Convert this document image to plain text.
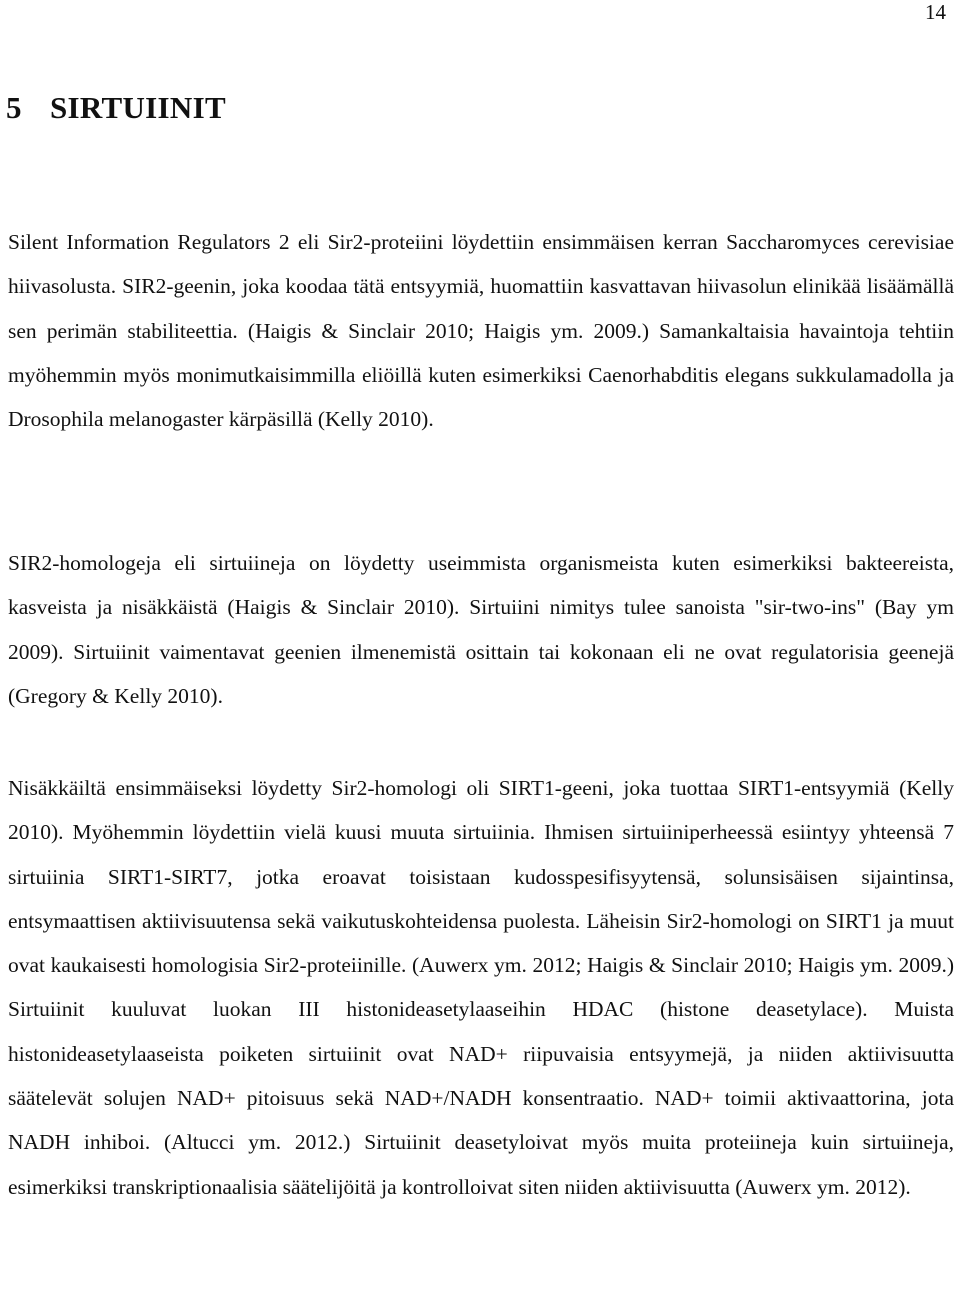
14
5 SIRTUIINIT

Silent Information Regulators 2 eli Sir2-proteiini löydettiin ensimmäisen kerran Saccharomyces cerevisiae hiivasolusta. SIR2-geenin, joka koodaa tätä entsyymiä, huomattiin kasvattavan hiivasolun elinikää lisäämällä sen perimän stabiliteettia. (Haigis & Sinclair 2010; Haigis ym. 2009.) Samankaltaisia havaintoja tehtiin myöhemmin myös monimutkaisimmilla eliöillä kuten esimerkiksi Caenorhabditis elegans sukkulamadolla ja Drosophila melanogaster kärpäsillä (Kelly 2010).

SIR2-homologeja eli sirtuiineja on löydetty useimmista organismeista kuten esimerkiksi bakteereista, kasveista ja nisäkkäistä (Haigis & Sinclair 2010). Sirtuiini nimitys tulee sanoista "sir-two-ins" (Bay ym 2009). Sirtuiinit vaimentavat geenien ilmenemistä osittain tai kokonaan eli ne ovat regulatorisia geenejä (Gregory & Kelly 2010).

Nisäkkäiltä ensimmäiseksi löydetty Sir2-homologi oli SIRT1-geeni, joka tuottaa SIRT1-entsyymiä (Kelly 2010). Myöhemmin löydettiin vielä kuusi muuta sirtuiinia. Ihmisen sirtuiiniperheessä esiintyy yhteensä 7 sirtuiinia SIRT1-SIRT7, jotka eroavat toisistaan kudosspesifisyytensä, solunsisäisen sijaintinsa, entsymaattisen aktiivisuutensa sekä vaikutuskohteidensa puolesta. Läheisin Sir2-homologi on SIRT1 ja muut ovat kaukaisesti homologisia Sir2-proteiinille. (Auwerx ym. 2012; Haigis & Sinclair 2010; Haigis ym. 2009.) Sirtuiinit kuuluvat luokan III histonideasetylaaseihin HDAC (histone deasetylace). Muista histonideasetylaaseista poiketen sirtuiinit ovat NAD+ riipuvaisia entsyymejä, ja niiden aktiivisuutta säätelevät solujen NAD+ pitoisuus sekä NAD+/NADH konsentraatio. NAD+ toimii aktivaattorina, jota NADH inhiboi. (Altucci ym. 2012.) Sirtuiinit deasetyloivat myös muita proteiineja kuin sirtuiineja, esimerkiksi transkriptionaalisia säätelijöitä ja kontrolloivat siten niiden aktiivisuutta (Auwerx ym. 2012).
